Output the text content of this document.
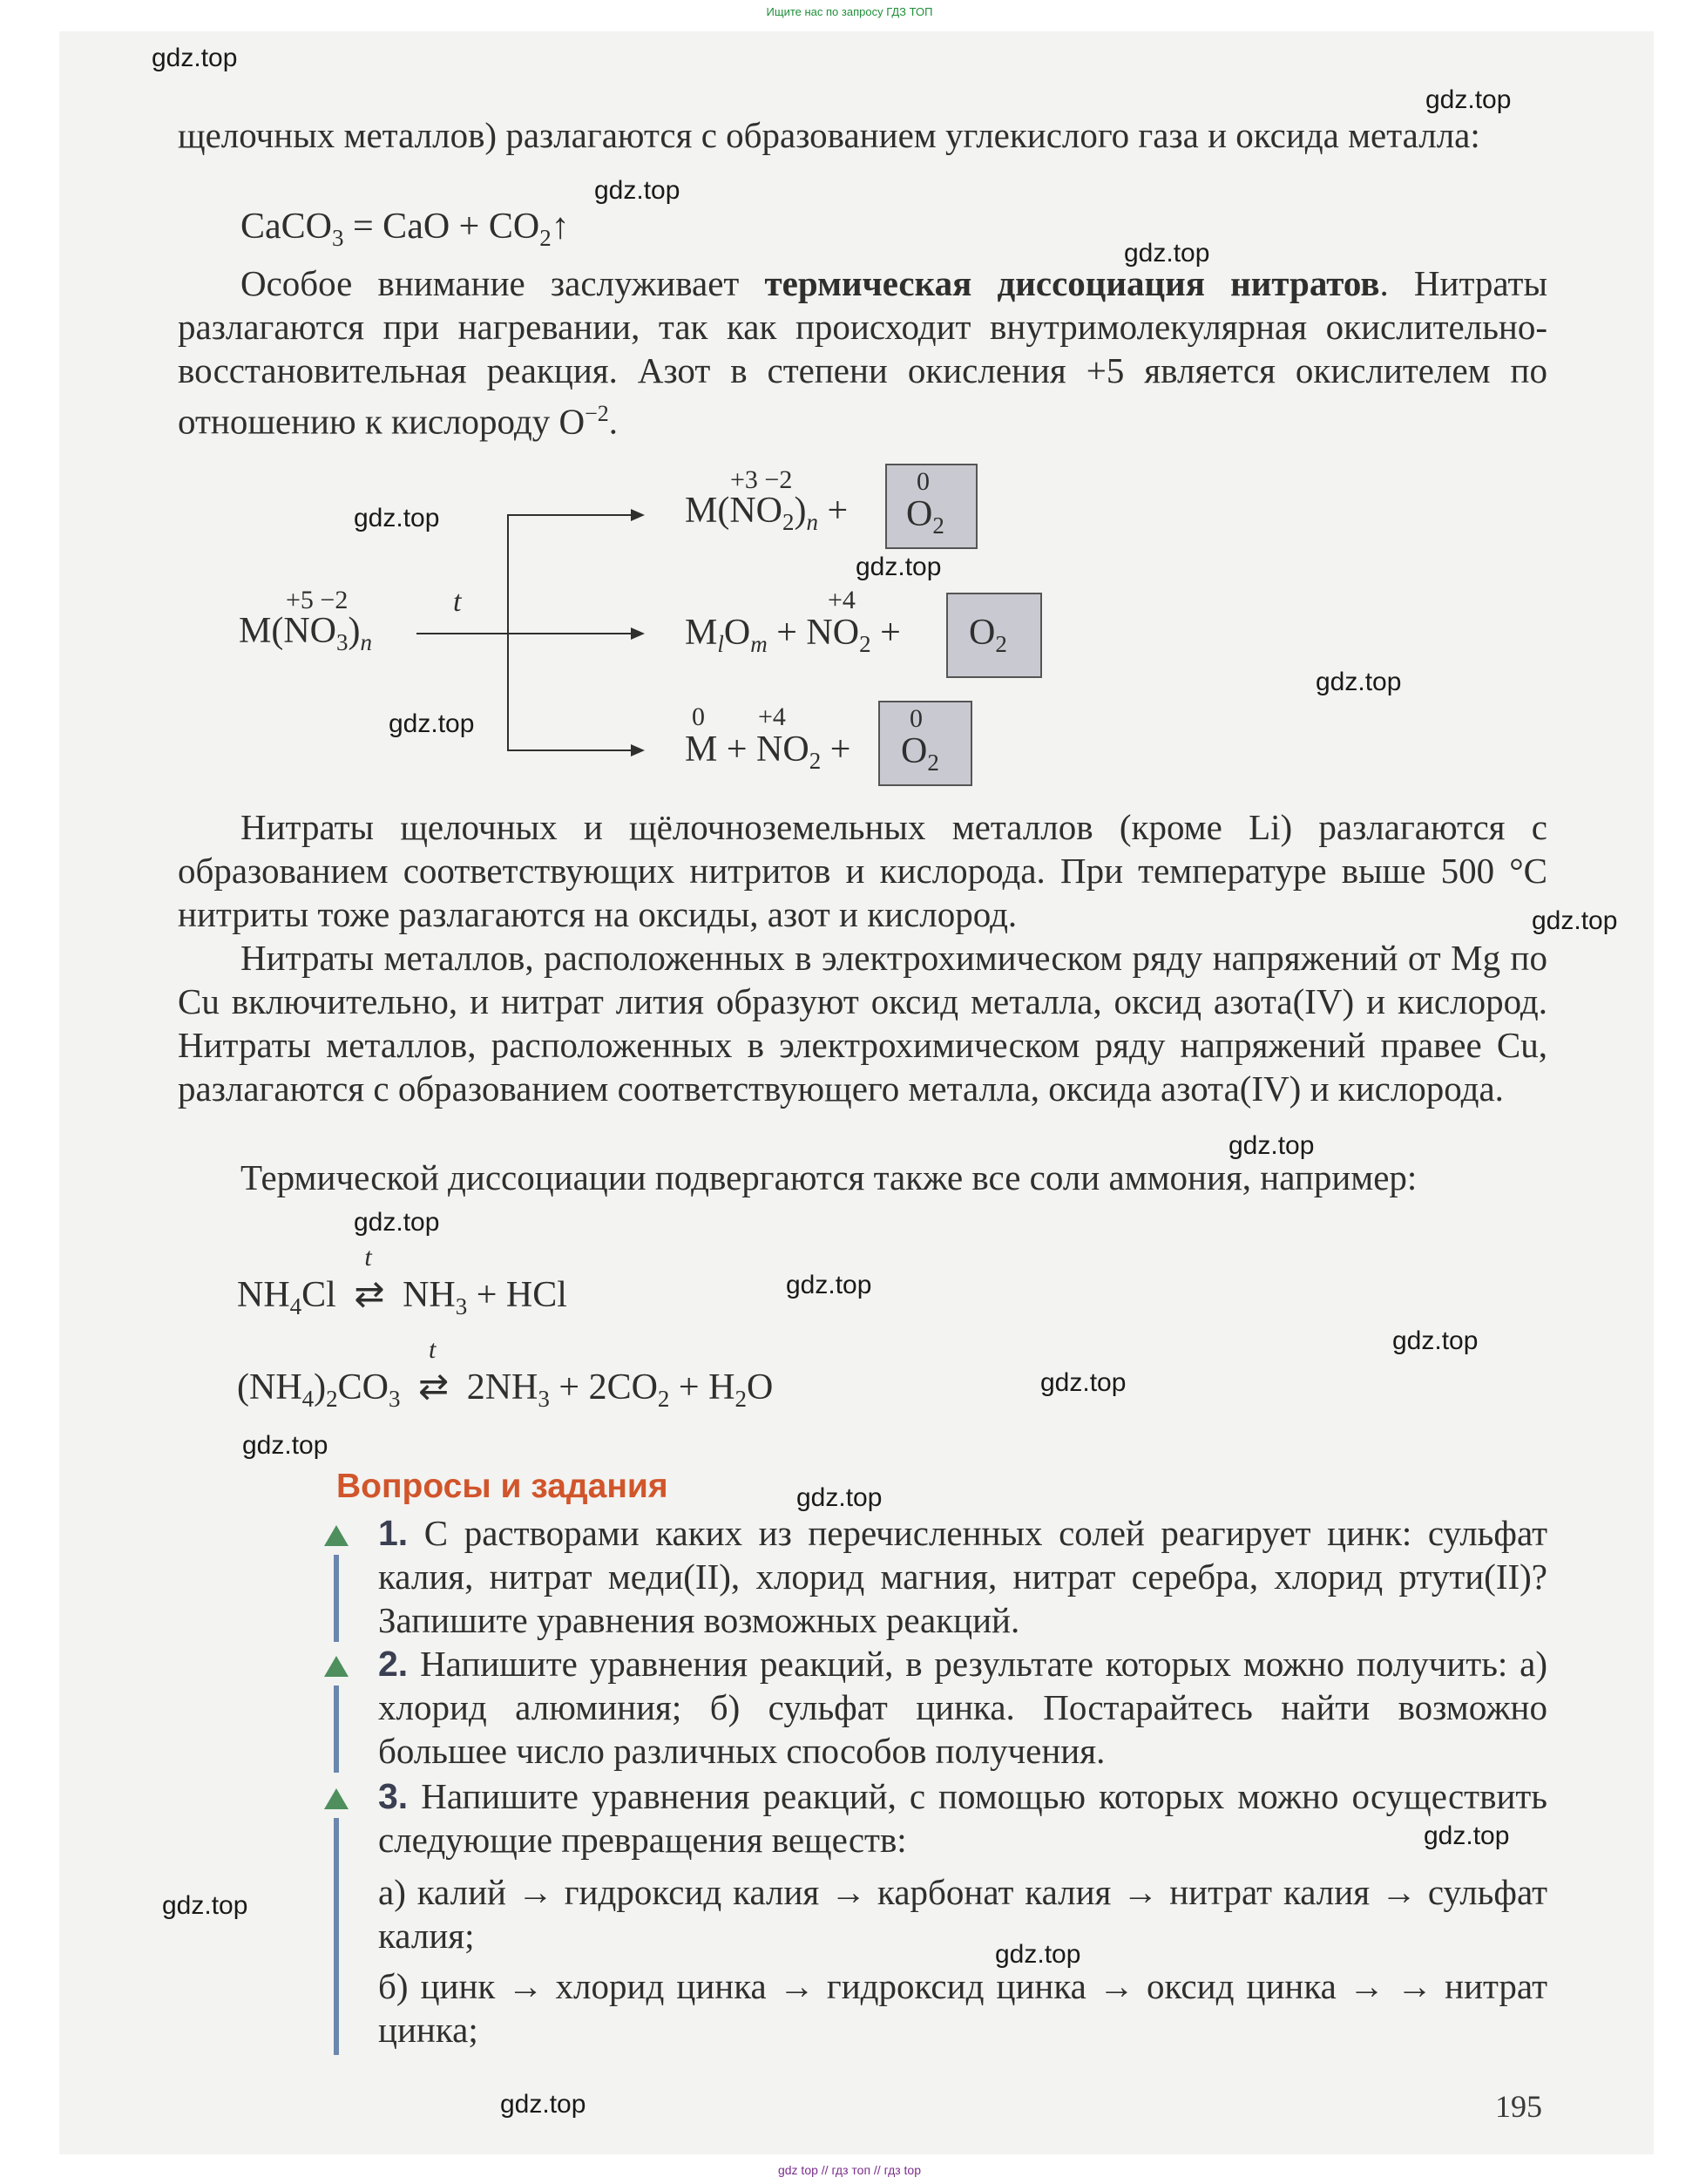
Ищите нас по запросу ГДЗ ТОП

щелочных металлов) разлагаются с образованием углекислого газа и оксида металла:

CaCO$_3$ = CaO + $CO_2↑$

Особое внимание заслуживает термическая диссоциация нитратов. Нитраты разлагаются при нагревании, так как происходит внутримолекулярная окислительно-восстановительная реакция. Азот в степени окисления +5 является окислителем по отношению к кислороду $O^{-2}$.

+5 −2
$M(NO_3)_n$
t
+3 −2
$M(NO_2)_n$ +
0
$O_2$
+4
$M_lO_m + NO_2 + O_2$
0 +4
$M + NO_2$ +
0
$O_2$

Нитраты щелочных и щёлочноземельных металлов (кроме Li) разлагаются с образованием соответствующих нитритов и кислорода. При температуре выше 500 °С нитриты тоже разлагаются на оксиды, азот и кислород.

Нитраты металлов, расположенных в электрохимическом ряду напряжений от Mg по Cu включительно, и нитрат лития образуют оксид металла, оксид азота(IV) и кислород. Нитраты металлов, расположенных в электрохимическом ряду напряжений правее Cu, разлагаются с образованием соответствующего металла, оксида азота(IV) и кислорода.

Термической диссоциации подвергаются также все соли аммония, например:

$NH_4Cl$
t
⇄ $NH_3$ + HCl
$(NH_4)_2CO_3$
t
⇄ $2NH_3 + 2CO_2 + H_2O$
Вопросы и задания

1. С растворами каких из перечисленных солей реагирует цинк: сульфат калия, нитрат меди(II), хлорид магния, нитрат серебра, хлорид ртути(II)? Запишите уравнения возможных реакций.

2. Напишите уравнения реакций, в результате которых можно получить: а) хлорид алюминия; б) сульфат цинка. Постарайтесь найти возможно большее число различных способов получения.

3. Напишите уравнения реакций, с помощью которых можно осуществить следующие превращения веществ:

а) калий → гидроксид калия → карбонат калия → нитрат калия → сульфат калия;

б) цинк → хлорид цинка → гидроксид цинка → оксид цинка → → нитрат цинка;

195
gdz top // гдз топ // гдз top
gdz.top
gdz.top
gdz.top
gdz.top
gdz.top
gdz.top
gdz.top
gdz.top
gdz.top
gdz.top
gdz.top
gdz.top
gdz.top
gdz.top
gdz.top
gdz.top
gdz.top
gdz.top
gdz.top
gdz.top
